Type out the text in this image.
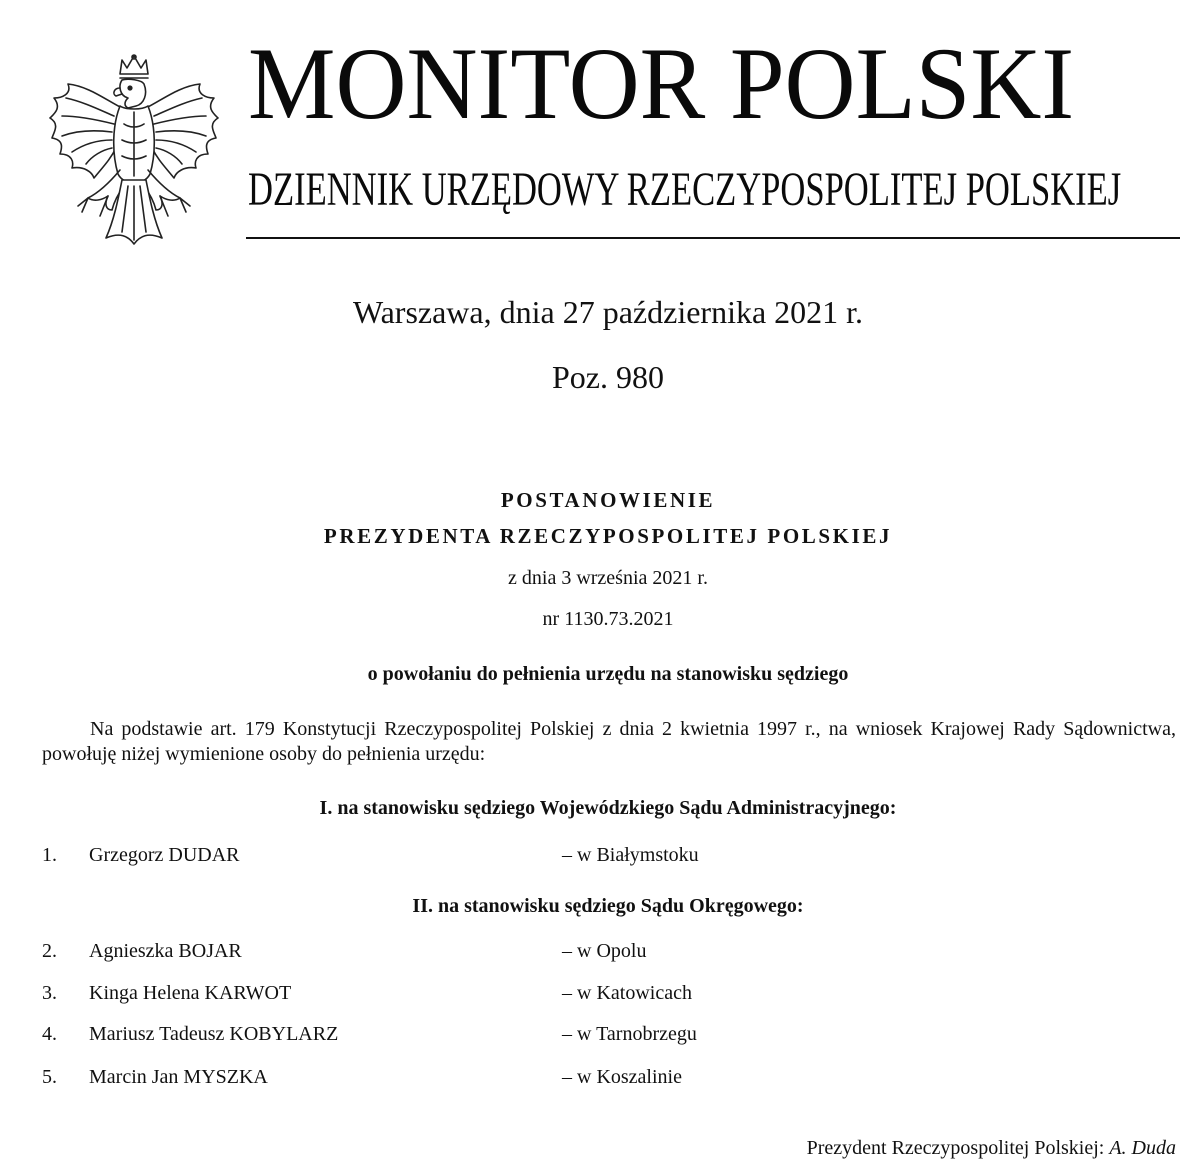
MONITOR POLSKI
DZIENNIK URZĘDOWY RZECZYPOSPOLITEJ POLSKIEJ
Warszawa, dnia 27 października 2021 r.
Poz. 980
POSTANOWIENIE
PREZYDENTA RZECZYPOSPOLITEJ POLSKIEJ
z dnia 3 września 2021 r.
nr 1130.73.2021
o powołaniu do pełnienia urzędu na stanowisku sędziego

Na podstawie art. 179 Konstytucji Rzeczypospolitej Polskiej z dnia 2 kwietnia 1997 r., na wniosek Krajowej Rady Sądownictwa, powołuję niżej wymienione osoby do pełnienia urzędu:

I. na stanowisku sędziego Wojewódzkiego Sądu Administracyjnego:
1. Grzegorz DUDAR	– w Białymstoku
II. na stanowisku sędziego Sądu Okręgowego:
2. Agnieszka BOJAR	– w Opolu
3. Kinga Helena KARWOT	– w Katowicach
4. Mariusz Tadeusz KOBYLARZ	– w Tarnobrzegu
5. Marcin Jan MYSZKA	– w Koszalinie
Prezydent Rzeczypospolitej Polskiej: A. Duda
